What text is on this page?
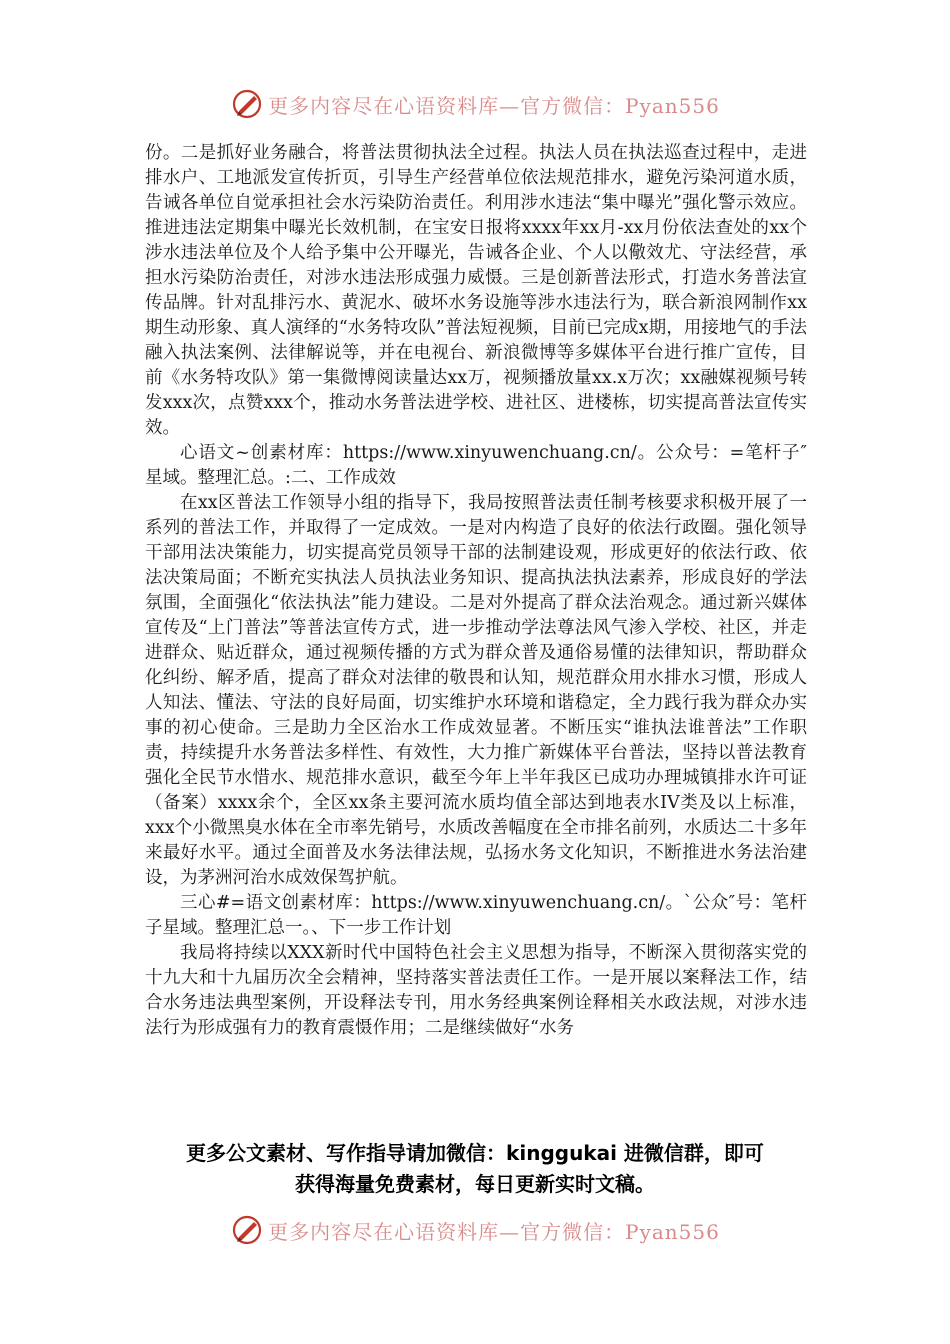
更多内容尽在心语资料库—官方微信：Pyan556

份。二是抓好业务融合，将普法贯彻执法全过程。执法人员在执法巡查过程中，走进排水户、工地派发宣传折页，引导生产经营单位依法规范排水，避免污染河道水质，告诫各单位自觉承担社会水污染防治责任。利用涉水违法“集中曝光”强化警示效应。推进违法定期集中曝光长效机制，在宝安日报将xxxx年xx月-xx月份依法查处的xx个涉水违法单位及个人给予集中公开曝光，告诫各企业、个人以儆效尤、守法经营，承担水污染防治责任，对涉水违法形成强力威慑。三是创新普法形式，打造水务普法宣传品牌。针对乱排污水、黄泥水、破坏水务设施等涉水违法行为，联合新浪网制作xx期生动形象、真人演绎的“水务特攻队”普法短视频，目前已完成x期，用接地气的手法融入执法案例、法律解说等，并在电视台、新浪微博等多媒体平台进行推广宣传，目前《水务特攻队》第一集微博阅读量达xx万，视频播放量xx.x万次；xx融媒视频号转发xxx次，点赞xxx个，推动水务普法进学校、进社区、进楼栋，切实提高普法宣传实效。

心语文~创素材库：https://www.xinyuwenchuang.cn/。公众号：=笔杆子″星域。整理汇总。:二、工作成效

在xx区普法工作领导小组的指导下，我局按照普法责任制考核要求积极开展了一系列的普法工作，并取得了一定成效。一是对内构造了良好的依法行政圈。强化领导干部用法决策能力，切实提高党员领导干部的法制建设观，形成更好的依法行政、依法决策局面；不断充实执法人员执法业务知识、提高执法执法素养，形成良好的学法氛围，全面强化“依法执法”能力建设。二是对外提高了群众法治观念。通过新兴媒体宣传及“上门普法”等普法宣传方式，进一步推动学法尊法风气渗入学校、社区，并走进群众、贴近群众，通过视频传播的方式为群众普及通俗易懂的法律知识，帮助群众化纠纷、解矛盾，提高了群众对法律的敬畏和认知，规范群众用水排水习惯，形成人人知法、懂法、守法的良好局面，切实维护水环境和谐稳定，全力践行我为群众办实事的初心使命。三是助力全区治水工作成效显著。不断压实“谁执法谁普法”工作职责，持续提升水务普法多样性、有效性，大力推广新媒体平台普法，坚持以普法教育强化全民节水惜水、规范排水意识，截至今年上半年我区已成功办理城镇排水许可证（备案）xxxx余个，全区xx条主要河流水质均值全部达到地表水IV类及以上标准，xxx个小微黑臭水体在全市率先销号，水质改善幅度在全市排名前列，水质达二十多年来最好水平。通过全面普及水务法律法规，弘扬水务文化知识，不断推进水务法治建设，为茅洲河治水成效保驾护航。

三心#=语文创素材库：https://www.xinyuwenchuang.cn/。`公众″号：笔杆子星域。整理汇总一。、下一步工作计划

我局将持续以XXX新时代中国特色社会主义思想为指导，不断深入贯彻落实党的十九大和十九届历次全会精神，坚持落实普法责任工作。一是开展以案释法工作，结合水务违法典型案例，开设释法专刊，用水务经典案例诠释相关水政法规，对涉水违法行为形成强有力的教育震慑作用；二是继续做好“水务

更多公文素材、写作指导请加微信：kinggukai 进微信群，即可
获得海量免费素材，每日更新实时文稿。
更多内容尽在心语资料库—官方微信：Pyan556
